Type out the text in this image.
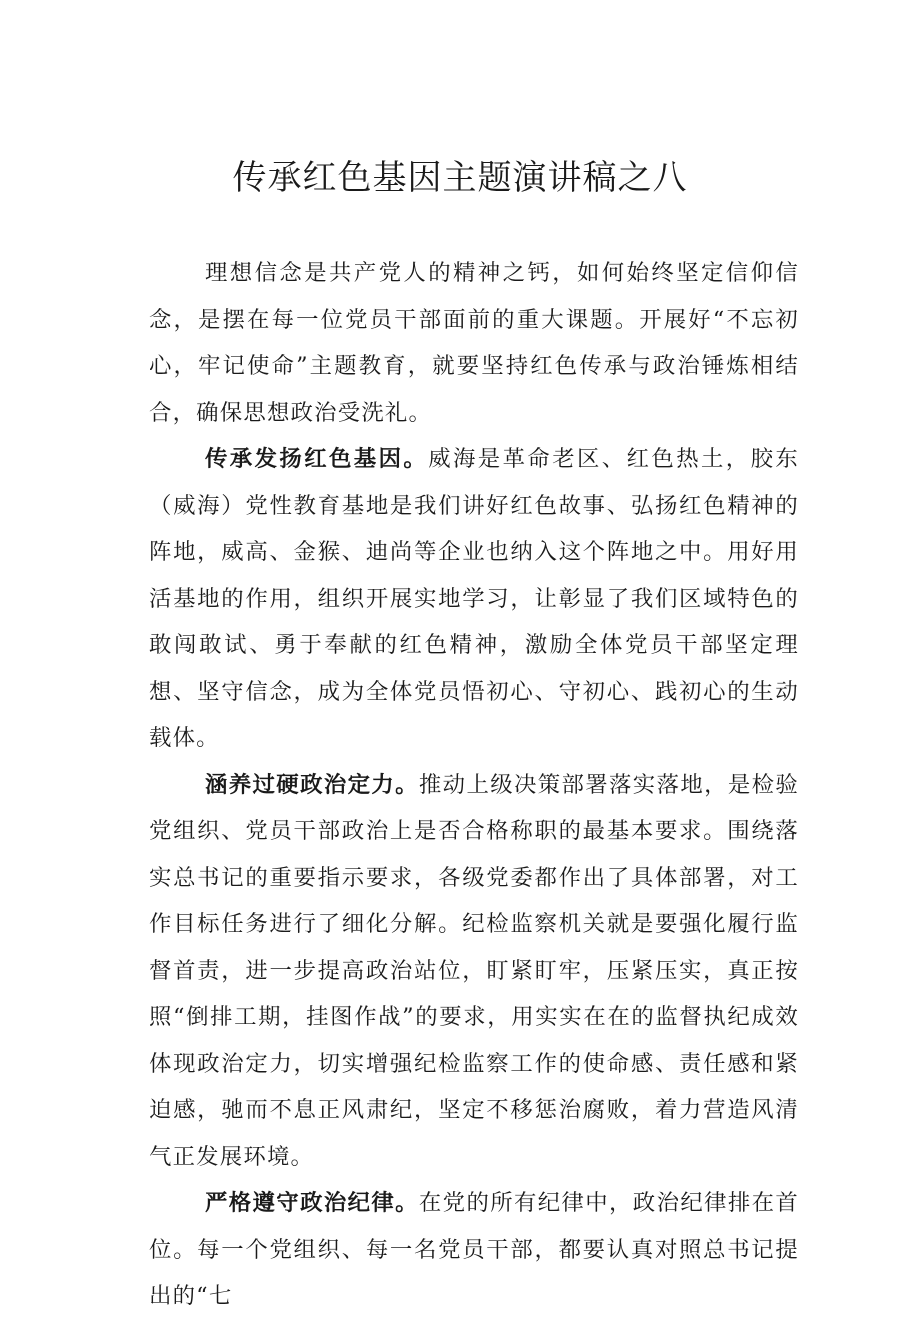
传承红色基因主题演讲稿之八

理想信念是共产党人的精神之钙，如何始终坚定信仰信念，是摆在每一位党员干部面前的重大课题。开展好“不忘初心，牢记使命”主题教育，就要坚持红色传承与政治锤炼相结合，确保思想政治受洗礼。

传承发扬红色基因。威海是革命老区、红色热土，胶东（威海）党性教育基地是我们讲好红色故事、弘扬红色精神的阵地，威高、金猴、迪尚等企业也纳入这个阵地之中。用好用活基地的作用，组织开展实地学习，让彰显了我们区域特色的敢闯敢试、勇于奉献的红色精神，激励全体党员干部坚定理想、坚守信念，成为全体党员悟初心、守初心、践初心的生动载体。

涵养过硬政治定力。推动上级决策部署落实落地，是检验党组织、党员干部政治上是否合格称职的最基本要求。围绕落实总书记的重要指示要求，各级党委都作出了具体部署，对工作目标任务进行了细化分解。纪检监察机关就是要强化履行监督首责，进一步提高政治站位，盯紧盯牢，压紧压实，真正按照“倒排工期，挂图作战”的要求，用实实在在的监督执纪成效体现政治定力，切实增强纪检监察工作的使命感、责任感和紧迫感，驰而不息正风肃纪，坚定不移惩治腐败，着力营造风清气正发展环境。

严格遵守政治纪律。在党的所有纪律中，政治纪律排在首位。每一个党组织、每一名党员干部，都要认真对照总书记提出的“七
